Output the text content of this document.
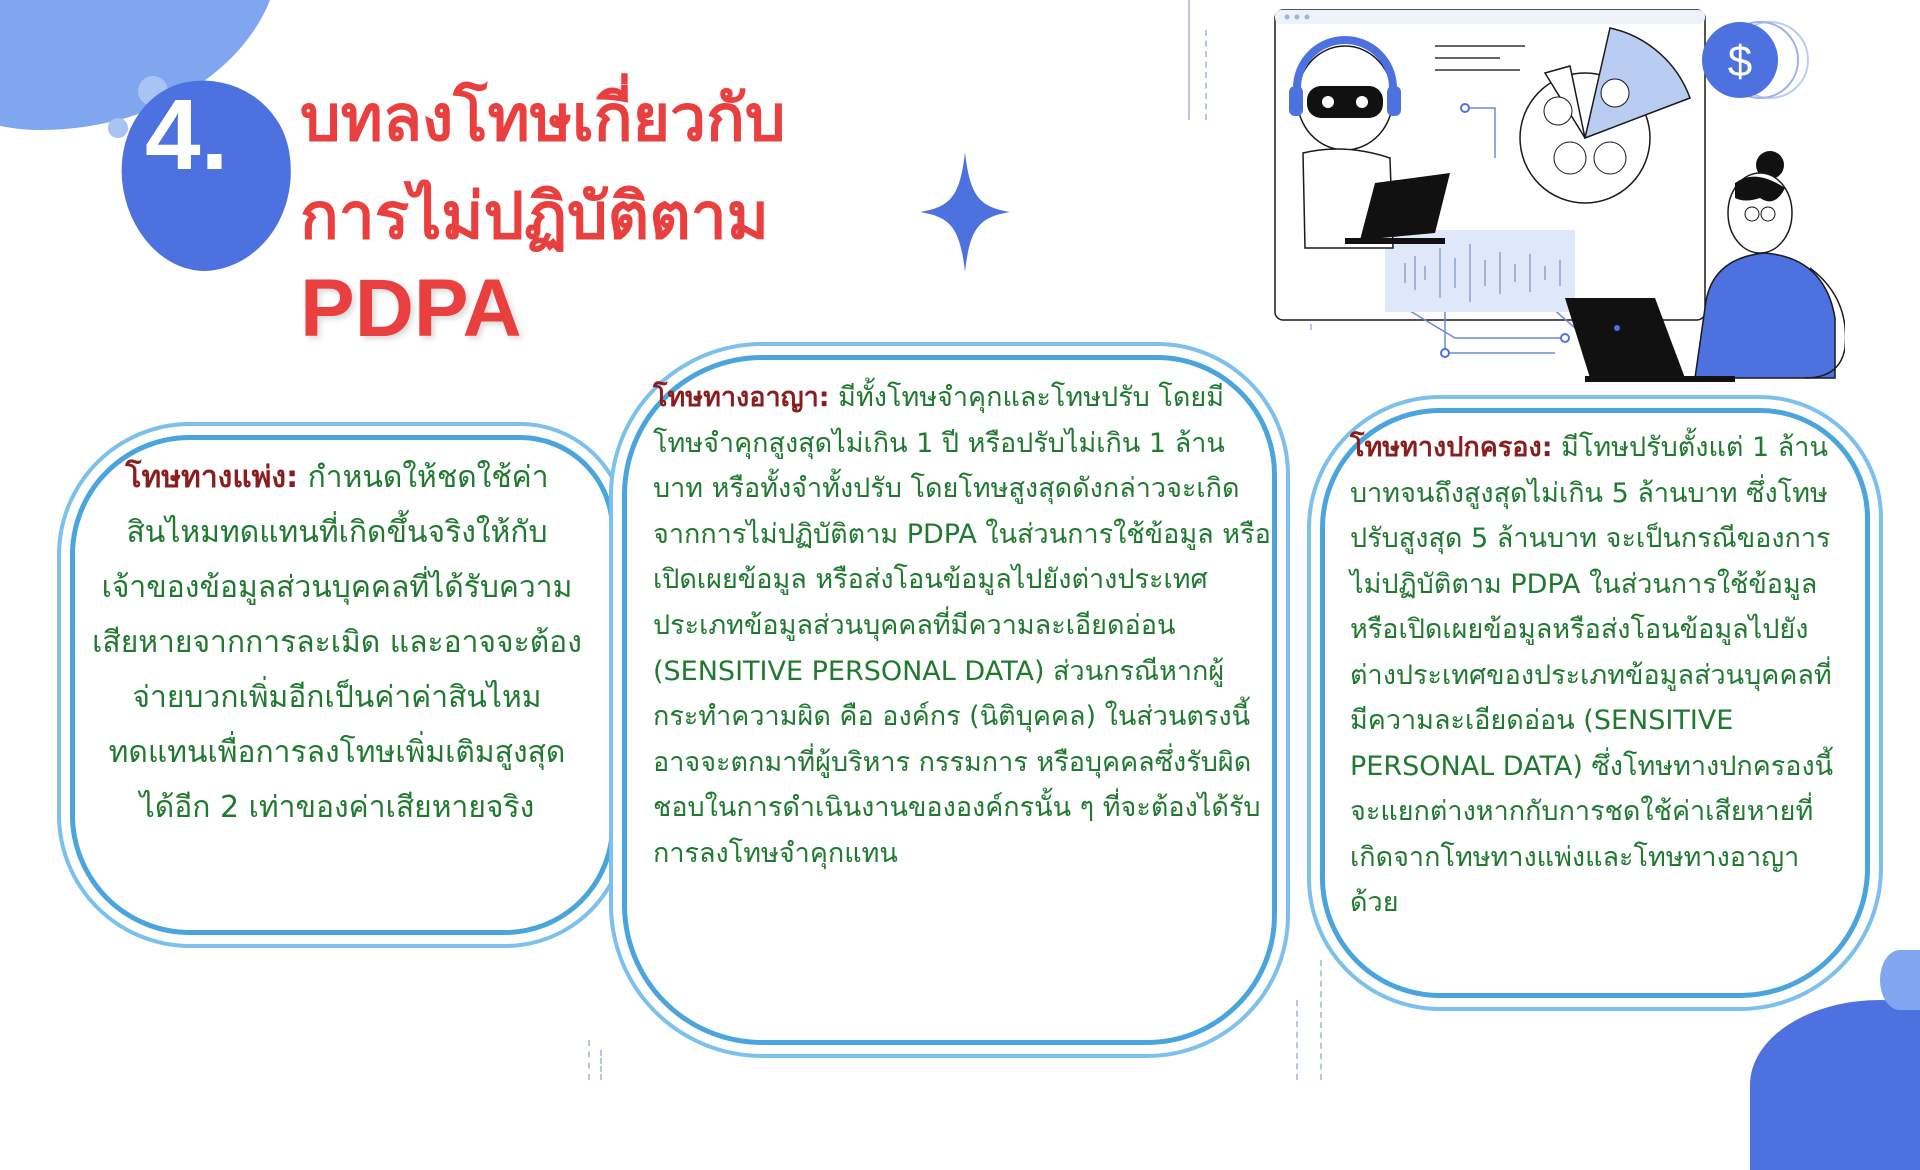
4. บทลงโทษเกี่ยวกับ
การไม่ปฏิบัติตาม
PDPA
$
โทษทางแพ่ง: กำหนดให้ชดใช้ค่าสินไหมทดแทนที่เกิดขึ้นจริงให้กับเจ้าของข้อมูลส่วนบุคคลที่ได้รับความเสียหายจากการละเมิด และอาจจะต้องจ่ายบวกเพิ่มอีกเป็นค่าค่าสินไหมทดแทนเพื่อการลงโทษเพิ่มเติมสูงสุดได้อีก 2 เท่าของค่าเสียหายจริง
โทษทางอาญา: มีทั้งโทษจำคุกและโทษปรับ โดยมีโทษจำคุกสูงสุดไม่เกิน 1 ปี หรือปรับไม่เกิน 1 ล้านบาท หรือทั้งจำทั้งปรับ โดยโทษสูงสุดดังกล่าวจะเกิดจากการไม่ปฏิบัติตาม PDPA ในส่วนการใช้ข้อมูล หรือเปิดเผยข้อมูล หรือส่งโอนข้อมูลไปยังต่างประเทศ ประเภทข้อมูลส่วนบุคคลที่มีความละเอียดอ่อน (SENSITIVE PERSONAL DATA) ส่วนกรณีหากผู้กระทำความผิด คือ องค์กร (นิติบุคคล) ในส่วนตรงนี้อาจจะตกมาที่ผู้บริหาร กรรมการ หรือบุคคลซึ่งรับผิดชอบในการดำเนินงานขององค์กรนั้น ๆ ที่จะต้องได้รับการลงโทษจำคุกแทน
โทษทางปกครอง: มีโทษปรับตั้งแต่ 1 ล้านบาทจนถึงสูงสุดไม่เกิน 5 ล้านบาท ซึ่งโทษปรับสูงสุด 5 ล้านบาท จะเป็นกรณีของการไม่ปฏิบัติตาม PDPA ในส่วนการใช้ข้อมูล หรือเปิดเผยข้อมูลหรือส่งโอนข้อมูลไปยังต่างประเทศของประเภทข้อมูลส่วนบุคคลที่มีความละเอียดอ่อน (SENSITIVE PERSONAL DATA) ซึ่งโทษทางปกครองนี้จะแยกต่างหากกับการชดใช้ค่าเสียหายที่เกิดจากโทษทางแพ่งและโทษทางอาญาด้วย
